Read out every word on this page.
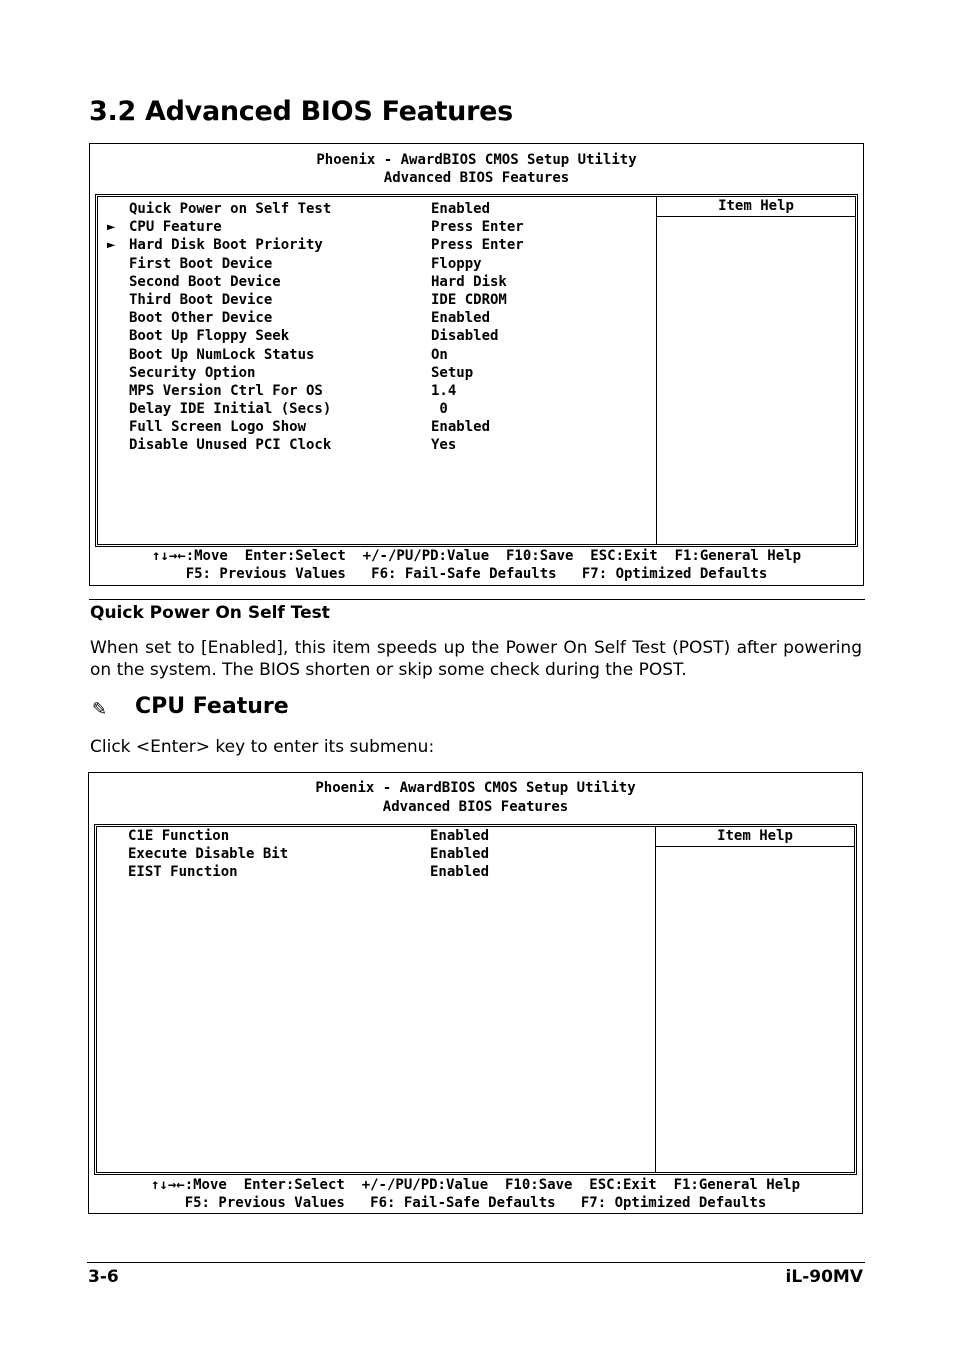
3.2 Advanced BIOS Features
Phoenix - AwardBIOS CMOS Setup Utility
Advanced BIOS Features
Quick Power on Self Test	Enabled
► CPU Feature	Press Enter
► Hard Disk Boot Priority	Press Enter
First Boot Device	Floppy
Second Boot Device	Hard Disk
Third Boot Device	IDE CDROM
Boot Other Device	Enabled
Boot Up Floppy Seek	Disabled
Boot Up NumLock Status	On
Security Option	Setup
MPS Version Ctrl For OS	1.4
Delay IDE Initial (Secs)	0
Full Screen Logo Show	Enabled
Disable Unused PCI Clock	Yes
Item Help
↑↓→←:Move  Enter:Select  +/-/PU/PD:Value  F10:Save  ESC:Exit  F1:General Help
F5: Previous Values   F6: Fail-Safe Defaults   F7: Optimized Defaults
Quick Power On Self Test
When set to [Enabled], this item speeds up the Power On Self Test (POST) after powering on the system. The BIOS shorten or skip some check during the POST.
✎ CPU Feature
Click <Enter> key to enter its submenu:
Phoenix - AwardBIOS CMOS Setup Utility
Advanced BIOS Features
C1E Function	Enabled
Execute Disable Bit	Enabled
EIST Function	Enabled
Item Help
↑↓→←:Move  Enter:Select  +/-/PU/PD:Value  F10:Save  ESC:Exit  F1:General Help
F5: Previous Values   F6: Fail-Safe Defaults   F7: Optimized Defaults
3-6	iL-90MV
